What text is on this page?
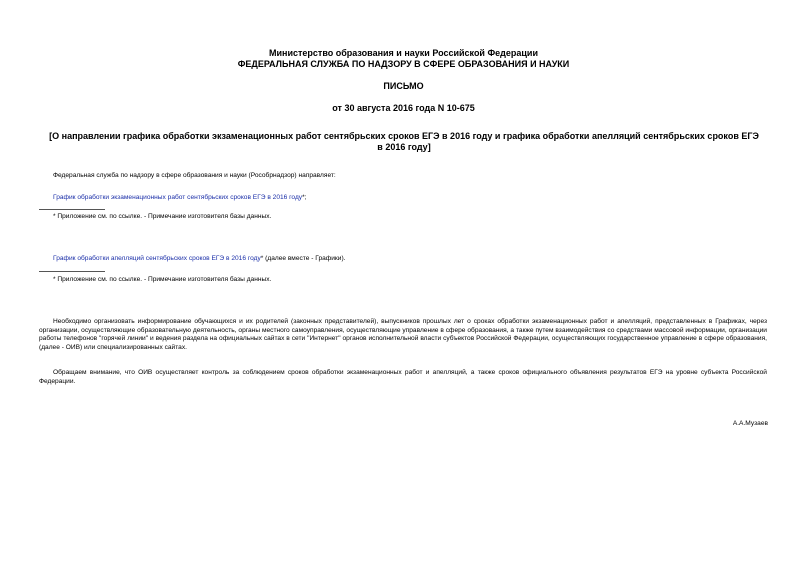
Министерство образования и науки Российской Федерации
ФЕДЕРАЛЬНАЯ СЛУЖБА ПО НАДЗОРУ В СФЕРЕ ОБРАЗОВАНИЯ И НАУКИ
ПИСЬМО
от 30 августа 2016 года N 10-675
[О направлении графика обработки экзаменационных работ сентябрьских сроков ЕГЭ в 2016 году и графика обработки апелляций сентябрьских сроков ЕГЭ в 2016 году]
Федеральная служба по надзору в сфере образования и науки (Рособрнадзор) направляет:
График обработки экзаменационных работ сентябрьских сроков ЕГЭ в 2016 году*;
* Приложение см. по ссылке. - Примечание изготовителя базы данных.
График обработки апелляций сентябрьских сроков ЕГЭ в 2016 году* (далее вместе - Графики).
* Приложение см. по ссылке. - Примечание изготовителя базы данных.
Необходимо организовать информирование обучающихся и их родителей (законных представителей), выпускников прошлых лет о сроках обработки экзаменационных работ и апелляций, представленных в Графиках, через организации, осуществляющие образовательную деятельность, органы местного самоуправления, осуществляющие управление в сфере образования, а также путем взаимодействия со средствами массовой информации, организации работы телефонов "горячей линии" и ведения раздела на официальных сайтах в сети "Интернет" органов исполнительной власти субъектов Российской Федерации, осуществляющих государственное управление в сфере образования, (далее - ОИВ) или специализированных сайтах.
Обращаем внимание, что ОИВ осуществляет контроль за соблюдением сроков обработки экзаменационных работ и апелляций, а также сроков официального объявления результатов ЕГЭ на уровне субъекта Российской Федерации.
А.А.Музаев
